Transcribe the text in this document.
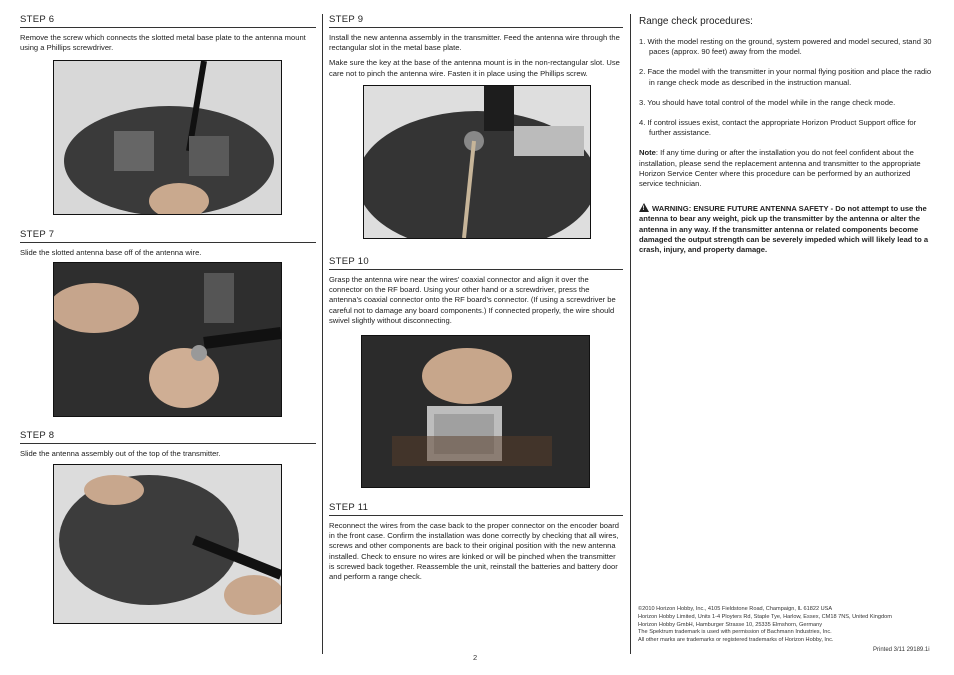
STEP 6

Remove the screw which connects the slotted metal base plate to the antenna mount using a Phillips screwdriver.

STEP 7

Slide the slotted antenna base off of the antenna wire.

STEP 8

Slide the antenna assembly out of the top of the transmitter.

STEP 9

Install the new antenna assembly in the transmitter. Feed the antenna wire through the rectangular slot in the metal base plate.

Make sure the key at the base of the antenna mount is in the non-rectangular slot. Use care not to pinch the antenna wire. Fasten it in place using the Phillips screw.

STEP 10

Grasp the antenna wire near the wires’ coaxial connector and align it over the connector on the RF board. Using your other hand or a screwdriver, press the antenna’s coaxial connector onto the RF board’s connector. (If using a screwdriver be careful not to damage any board components.) If connected properly, the wire should swivel slightly without disconnecting.

STEP 11

Reconnect the wires from the case back to the proper connector on the encoder board in the front case. Confirm the installation was done correctly by checking that all wires, screws and other components are back to their original position with the new antenna installed. Check to ensure no wires are kinked or will be pinched when the transmitter is screwed back together. Reassemble the unit, reinstall the batteries and battery door and perform a range check.

Range check procedures:

1. With the model resting on the ground, system powered and model secured, stand 30 paces (approx. 90 feet) away from the model.

2. Face the model with the transmitter in your normal flying position and place the radio in range check mode as described in the instruction manual.

3. You should have total control of the model while in the range check mode.

4. If control issues exist, contact the appropriate Horizon Product Support office for further assistance.

Note: If any time during or after the installation you do not feel confident about the installation, please send the replacement antenna and transmitter to the appropriate Horizon Service Center where this procedure can be performed by an authorized service technician.

!WARNING: ENSURE FUTURE ANTENNA SAFETY - Do not attempt to use the antenna to bear any weight, pick up the transmitter by the antenna or alter the antenna in any way. If the transmitter antenna or related components become damaged the output strength can be severely impeded which will likely lead to a crash, injury, and property damage.

©2010 Horizon Hobby, Inc., 4105 Fieldstone Road, Champaign, IL 61822 USA
Horizon Hobby Limited, Units 1-4 Ployters Rd, Staple Tye, Harlow, Essex, CM18 7NS, United Kingdom
Horizon Hobby GmbH, Hamburger Strasse 10, 25335 Elmshorn, Germany
The Spektrum trademark is used with permission of Bachmann Industries, Inc.
All other marks are trademarks or registered trademarks of Horizon Hobby, Inc.
Printed 3/11 29189.1i
2
